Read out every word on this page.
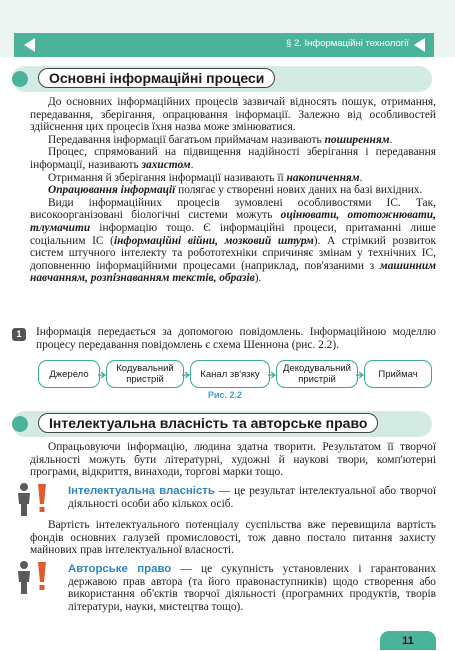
§ 2. Інформаційні технології
Основні інформаційні процеси

До основних інформаційних процесів зазвичай відносять пошук, отримання, передавання, зберігання, опрацювання інформації. Залежно від особливостей здійснення цих процесів їхня назва може змінюватися.

Передавання інформації багатьом приймачам називають поширенням.

Процес, спрямований на підвищення надійності зберігання і передавання інформації, називають захистом.

Отримання й зберігання інформації називають її накопиченням.

Опрацювання інформації полягає у створенні нових даних на базі вихідних.

Види інформаційних процесів зумовлені особливостями ІС. Так, високоорганізовані біологічні системи можуть оцінювати, ототожнювати, тлумачити інформацію тощо. Є інформаційні процеси, притаманні лише соціальним ІС (інформаційні війни, мозковий штурм). А стрімкий розвиток систем штучного інтелекту та робототехніки спричиняє змінам у технічних ІС, доповненню інформаційними процесами (наприклад, пов'язаними з машинним навчанням, розпізнаванням текстів, образів).

1	Інформація передається за допомогою повідомлень. Інформаційною моделлю процесу передавання повідомлень є схема Шеннона (рис. 2.2).

Джерело	Кодувальний пристрій	Канал зв'язку	Декодувальний пристрій	Приймач
Рис. 2.2
Інтелектуальна власність та авторське право

Опрацьовуючи інформацію, людина здатна творити. Результатом її творчої діяльності можуть бути літературні, художні й наукові твори, комп'ютерні програми, відкриття, винаходи, торгові марки тощо.

Інтелектуальна власність — це результат інтелектуальної або творчої діяльності особи або кількох осіб.

Вартість інтелектуального потенціалу суспільства вже перевищила вартість фондів основних галузей промисловості, тож давно постало питання захисту майнових прав інтелектуальної власності.

Авторське право — це сукупність установлених і гарантованих державою прав автора (та його правонаступників) щодо створення або використання об'єктів творчої діяльності (програмних продуктів, творів літератури, науки, мистецтва тощо).
11
